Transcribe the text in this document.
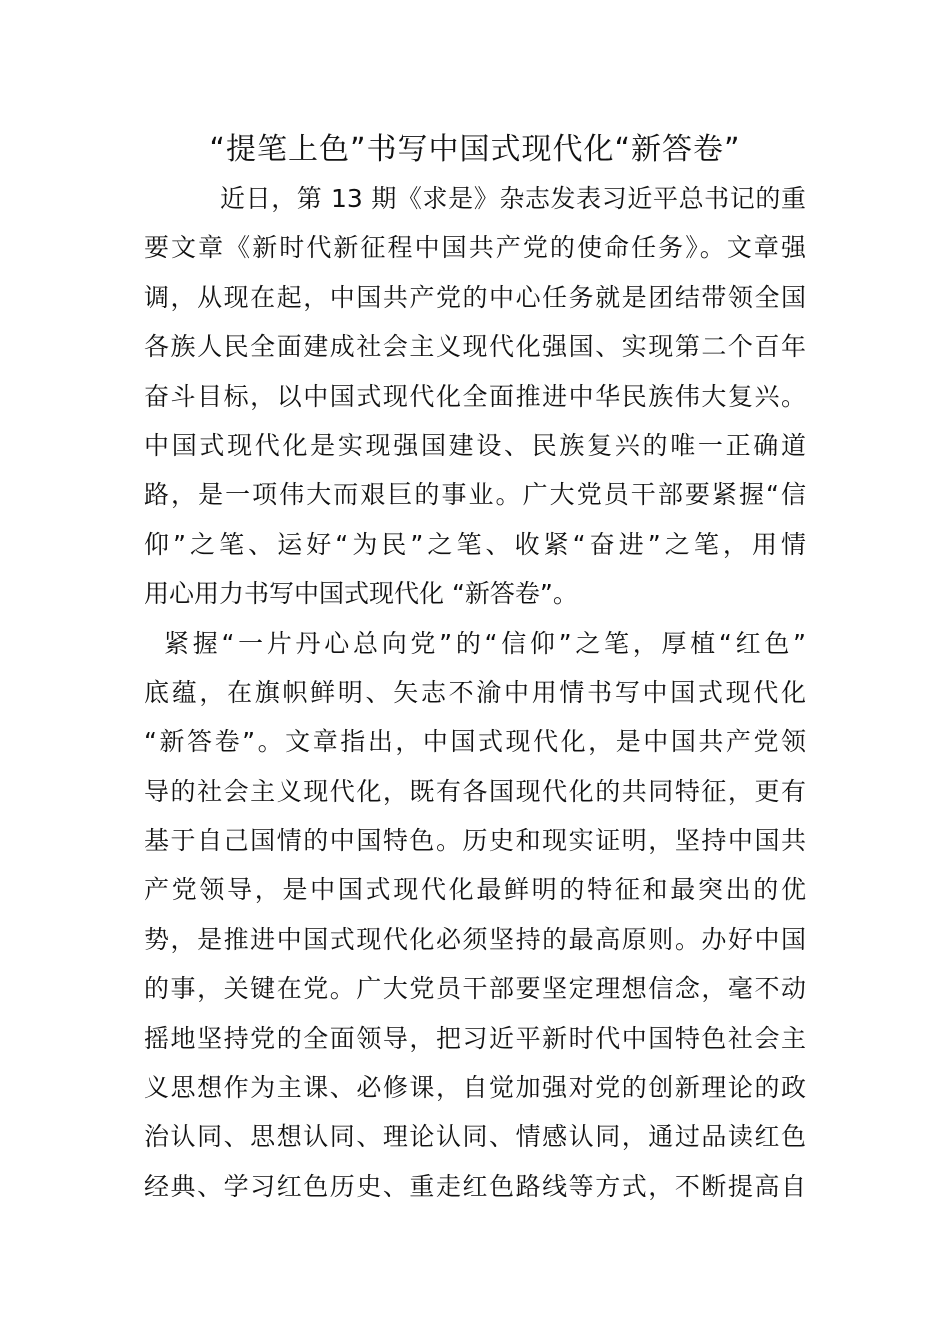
“提笔上色”书写中国式现代化“新答卷”
近日，第 13 期《求是》杂志发表习近平总书记的重
要文章《新时代新征程中国共产党的使命任务》。文章强
调，从现在起，中国共产党的中心任务就是团结带领全国
各族人民全面建成社会主义现代化强国、实现第二个百年
奋斗目标，以中国式现代化全面推进中华民族伟大复兴。
中国式现代化是实现强国建设、民族复兴的唯一正确道
路，是一项伟大而艰巨的事业。广大党员干部要紧握“信
仰”之笔、运好“为民”之笔、收紧“奋进”之笔，用情
用心用力书写中国式现代化 “新答卷”。
紧握“一片丹心总向党”的“信仰”之笔，厚植“红色”
底蕴，在旗帜鲜明、矢志不渝中用情书写中国式现代化
“新答卷”。文章指出，中国式现代化，是中国共产党领
导的社会主义现代化，既有各国现代化的共同特征，更有
基于自己国情的中国特色。历史和现实证明，坚持中国共
产党领导，是中国式现代化最鲜明的特征和最突出的优
势，是推进中国式现代化必须坚持的最高原则。办好中国
的事，关键在党。广大党员干部要坚定理想信念，毫不动
摇地坚持党的全面领导，把习近平新时代中国特色社会主
义思想作为主课、必修课，自觉加强对党的创新理论的政
治认同、思想认同、理论认同、情感认同，通过品读红色
经典、学习红色历史、重走红色路线等方式，不断提高自
